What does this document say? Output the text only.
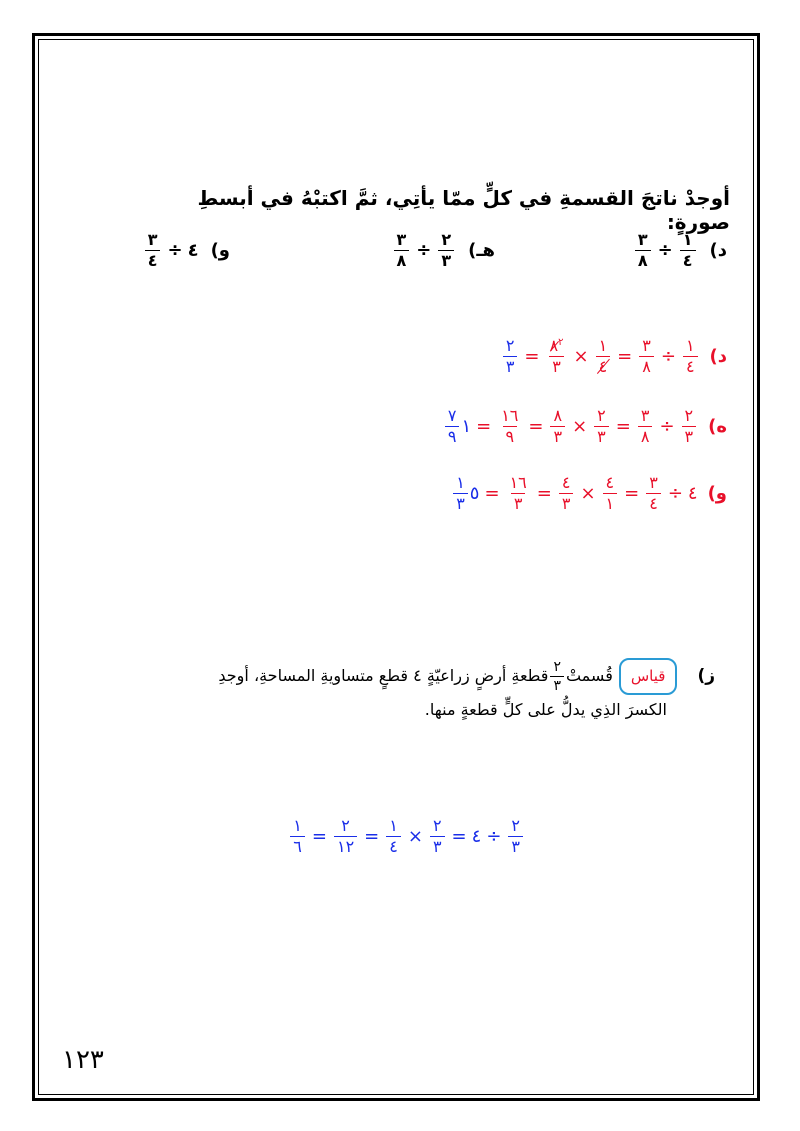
أوجدْ ناتجَ القسمةِ في كلٍّ ممّا يأتِي، ثمَّ اكتبْهُ في أبسطِ صورةٍ:
د)
$\frac{١}{٤}$
÷
$\frac{٣}{٨}$
هـ)
$\frac{٢}{٣}$
÷
$\frac{٣}{٨}$
و)
٤
÷
$\frac{٣}{٤}$
د)
$\frac{١}{٤}$
÷
$\frac{٣}{٨}$
=
$\frac{١}{٤}$
×
$\frac{^٢٨}{٣}$
=
$\frac{٢}{٣}$
ه)
$\frac{٢}{٣}$
÷
$\frac{٣}{٨}$
=
$\frac{٢}{٣}$
×
$\frac{٨}{٣}$
=
$\frac{١٦}{٩}$
=
١
$\frac{٧}{٩}$
و)
٤
÷
$\frac{٣}{٤}$
=
$\frac{٤}{١}$
×
$\frac{٤}{٣}$
=
$\frac{١٦}{٣}$
=
٥
$\frac{١}{٣}$
ز)
قياس
قُسمتْ
$\frac{٢}{٣}$
قطعةِ أرضٍ زراعيّةٍ ٤ قطعٍ متساويةِ المساحةِ، أوجدِ
الكسرَ الذِي يدلُّ على كلٍّ قطعةٍ منها.
$\frac{٢}{٣}$
÷
٤
=
$\frac{٢}{٣}$
×
$\frac{١}{٤}$
=
$\frac{٢}{١٢}$
=
$\frac{١}{٦}$
١٢٣
